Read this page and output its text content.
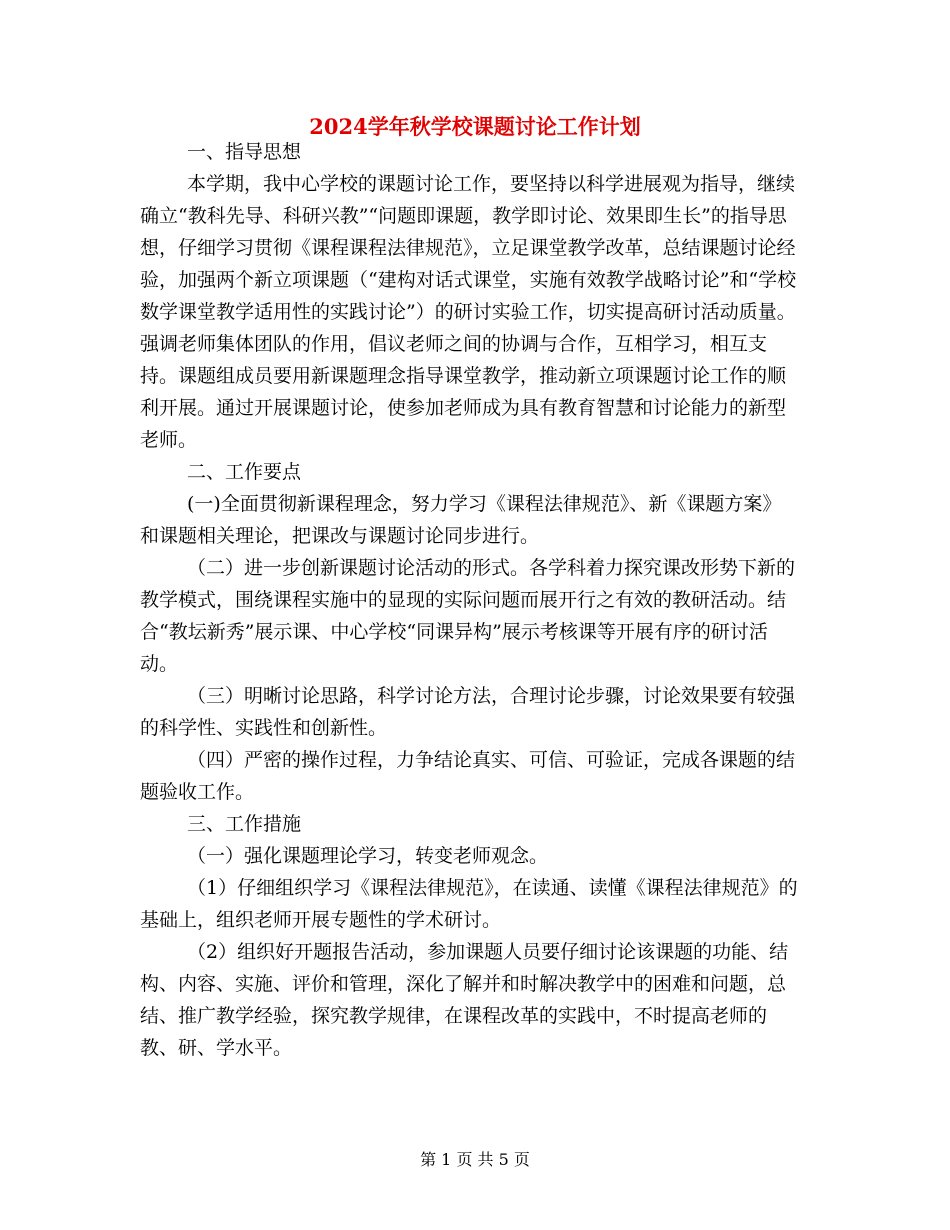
2024学年秋学校课题讨论工作计划

一、指导思想

本学期，我中心学校的课题讨论工作，要坚持以科学进展观为指导，继续确立“教科先导、科研兴教”“问题即课题，教学即讨论、效果即生长”的指导思想，仔细学习贯彻《课程课程法律规范》，立足课堂教学改革，总结课题讨论经验，加强两个新立项课题（“建构对话式课堂，实施有效教学战略讨论”和“学校数学课堂教学适用性的实践讨论”）的研讨实验工作，切实提高研讨活动质量。强调老师集体团队的作用，倡议老师之间的协调与合作，互相学习，相互支持。课题组成员要用新课题理念指导课堂教学，推动新立项课题讨论工作的顺利开展。通过开展课题讨论，使参加老师成为具有教育智慧和讨论能力的新型老师。

二、工作要点

(一)全面贯彻新课程理念，努力学习《课程法律规范》、新《课题方案》和课题相关理论，把课改与课题讨论同步进行。

（二）进一步创新课题讨论活动的形式。各学科着力探究课改形势下新的教学模式，围绕课程实施中的显现的实际问题而展开行之有效的教研活动。结合“教坛新秀”展示课、中心学校“同课异构”展示考核课等开展有序的研讨活动。

（三）明晰讨论思路，科学讨论方法，合理讨论步骤，讨论效果要有较强的科学性、实践性和创新性。

（四）严密的操作过程，力争结论真实、可信、可验证，完成各课题的结题验收工作。

三、工作措施

（一）强化课题理论学习，转变老师观念。

（1）仔细组织学习《课程法律规范》，在读通、读懂《课程法律规范》的基础上，组织老师开展专题性的学术研讨。

（2）组织好开题报告活动，参加课题人员要仔细讨论该课题的功能、结构、内容、实施、评价和管理，深化了解并和时解决教学中的困难和问题，总结、推广教学经验，探究教学规律，在课程改革的实践中，不时提高老师的教、研、学水平。

第 1 页 共 5 页
